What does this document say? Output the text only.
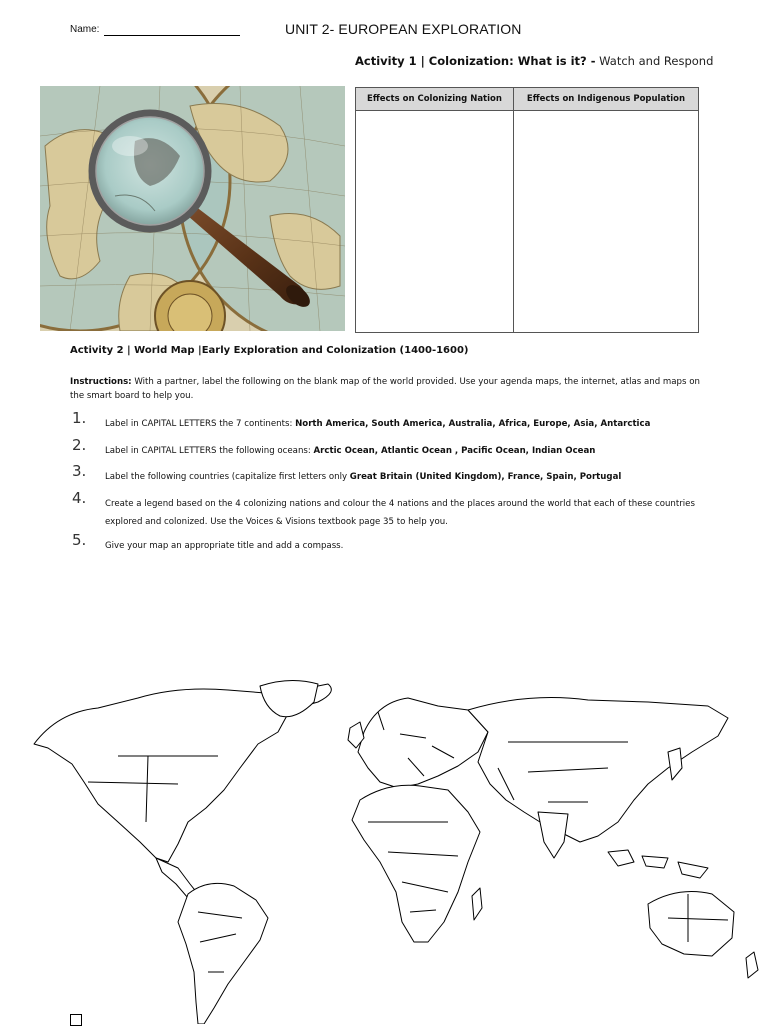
Name:	UNIT 2- EUROPEAN EXPLORATION
Activity 1 | Colonization: What is it? - Watch and Respond
Effects on Colonizing Nation	Effects on Indigenous Population

Activity 2 | World Map |Early Exploration and Colonization (1400-1600)
Instructions: With a partner, label the following on the blank map of the world provided. Use your agenda maps, the internet, atlas and maps on the smart board to help you.
1. Label in CAPITAL LETTERS the 7 continents: North America, South America, Australia, Africa, Europe, Asia, Antarctica
2. Label in CAPITAL LETTERS the following oceans: Arctic Ocean, Atlantic Ocean , Pacific Ocean, Indian Ocean
3. Label the following countries (capitalize first letters only Great Britain (United Kingdom), France, Spain, Portugal
4. Create a legend based on the 4 colonizing nations and colour the 4 nations and the places around the world that each of these countries explored and colonized. Use the Voices & Visions textbook page 35 to help you.
5. Give your map an appropriate title and add a compass.
